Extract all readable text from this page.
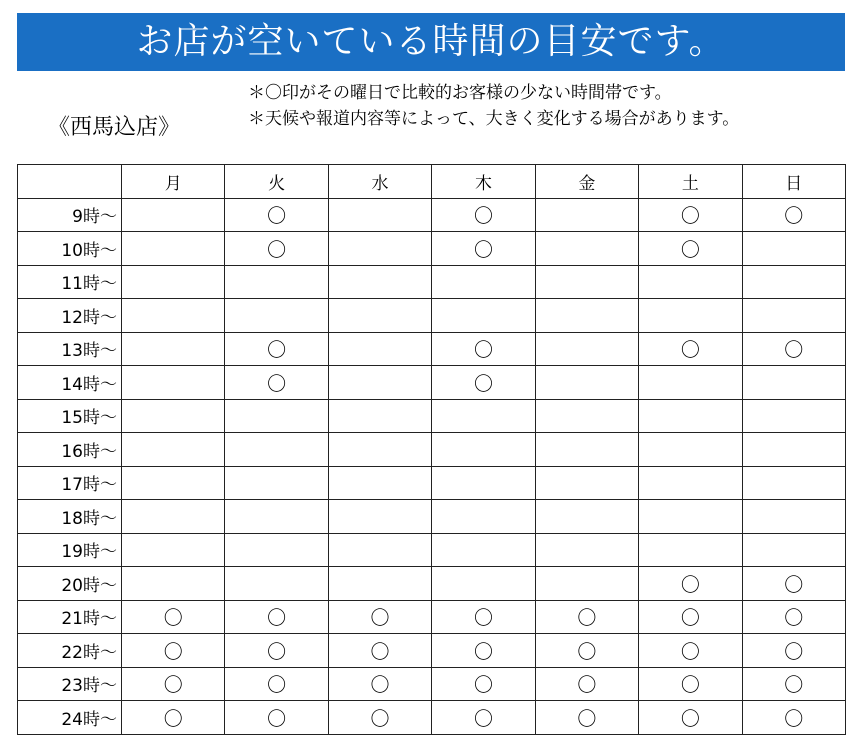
お店が空いている時間の目安です。
《西馬込店》
＊〇印がその曜日で比較的お客様の少ない時間帯です。
＊天候や報道内容等によって、大きく変化する場合があります。
	月	火	水	木	金	土	日
9時～		〇		〇		〇	〇
10時～		〇		〇		〇	
11時～							
12時～							
13時～		〇		〇		〇	〇
14時～		〇		〇			
15時～							
16時～							
17時～							
18時～							
19時～							
20時～						〇	〇
21時～	〇	〇	〇	〇	〇	〇	〇
22時～	〇	〇	〇	〇	〇	〇	〇
23時～	〇	〇	〇	〇	〇	〇	〇
24時～	〇	〇	〇	〇	〇	〇	〇
